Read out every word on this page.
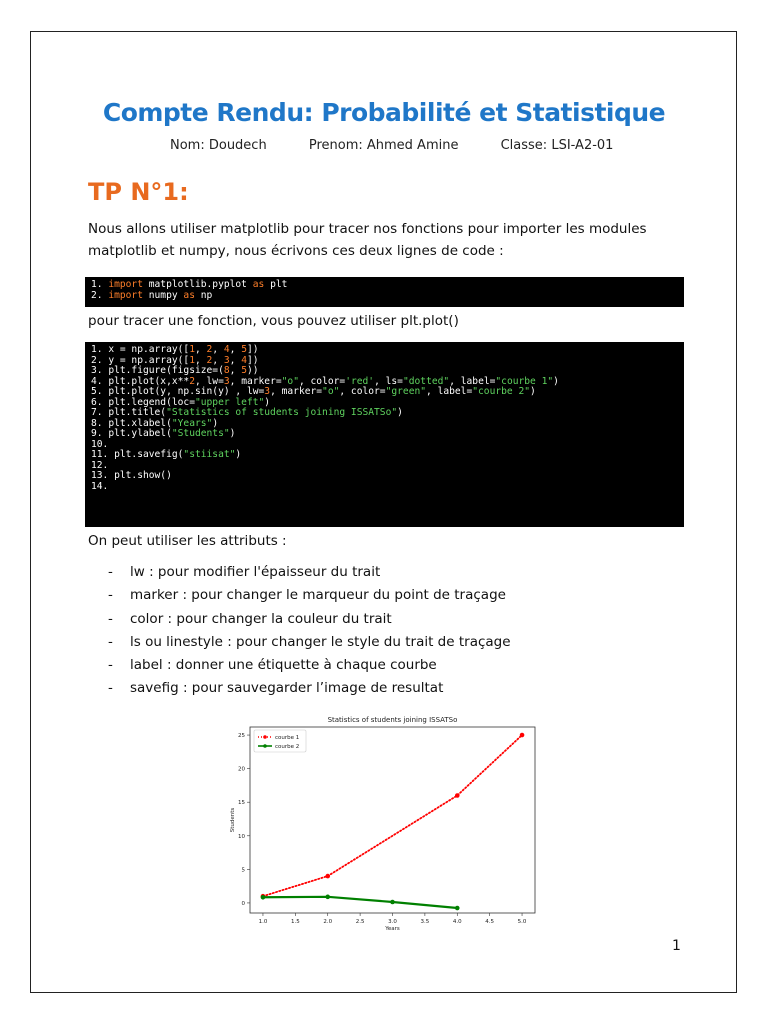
Compte Rendu: Probabilité et Statistique
Nom: Doudech	Prenom: Ahmed Amine	Classe: LSI-A2-01
TP N°1:
Nous allons utiliser matplotlib pour tracer nos fonctions pour importer les modules
matplotlib et numpy, nous écrivons ces deux lignes de code :
1. import matplotlib.pyplot as plt
2. import numpy as np
pour tracer une fonction, vous pouvez utiliser plt.plot()
1. x = np.array([1, 2, 4, 5])
2. y = np.array([1, 2, 3, 4])
3. plt.figure(figsize=(8, 5))
4. plt.plot(x,x**2, lw=3, marker="o", color='red', ls="dotted", label="courbe 1")
5. plt.plot(y, np.sin(y) , lw=3, marker="o", color="green", label="courbe 2")
6. plt.legend(loc="upper left")
7. plt.title("Statistics of students joining ISSATSo")
8. plt.xlabel("Years")
9. plt.ylabel("Students")
10.
11. plt.savefig("stiisat")
12.
13. plt.show()
14.
On peut utiliser les attributs :
- lw : pour modifier l'épaisseur du trait
- marker : pour changer le marqueur du point de traçage
- color : pour changer la couleur du trait
- ls ou linestyle : pour changer le style du trait de traçage
- label : donner une étiquette à chaque courbe
- savefig : pour sauvegarder l’image de resultat
Statistics of students joining ISSATSo
1.0	1.5	2.0	2.5	3.0	3.5	4.0	4.5	5.0
0
5
10
15
20
25
Years
Students
courbe 1
courbe 2
1
